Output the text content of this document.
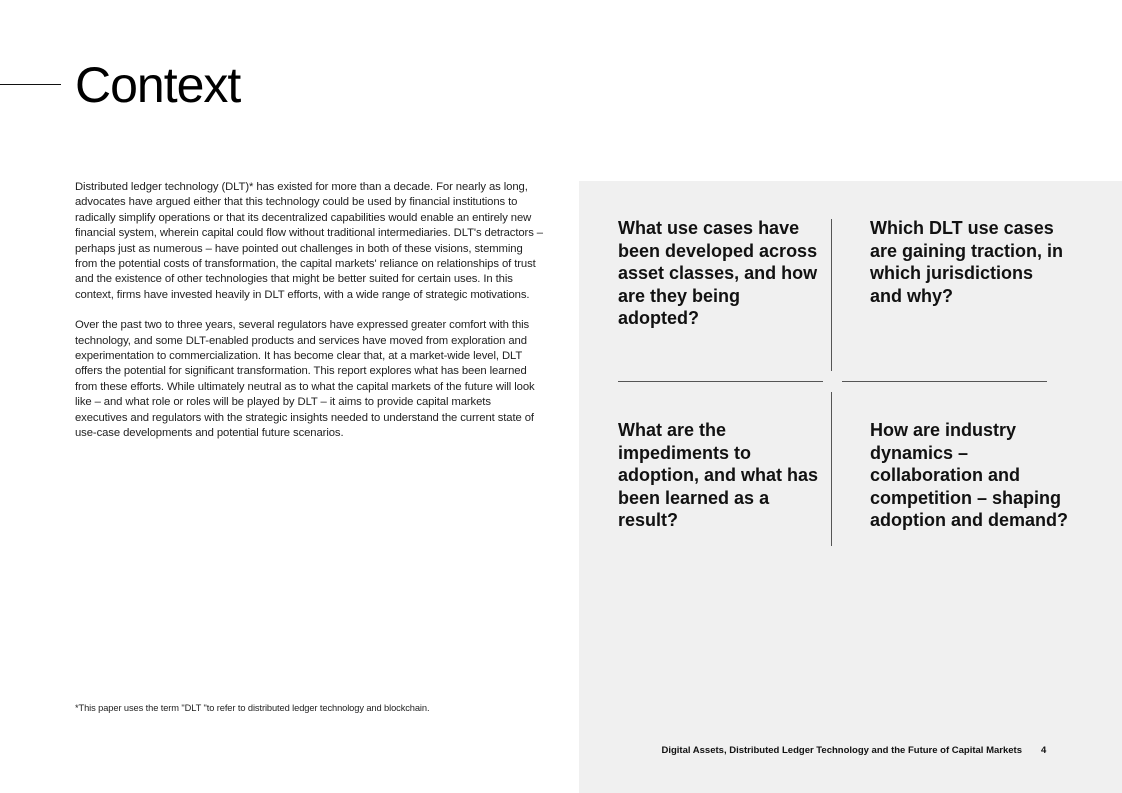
Context

Distributed ledger technology (DLT)* has existed for more than a decade. For nearly as long, advocates have argued either that this technology could be used by financial institutions to radically simplify operations or that its decentralized capabilities would enable an entirely new financial system, wherein capital could flow without traditional intermediaries. DLT's detractors – perhaps just as numerous – have pointed out challenges in both of these visions, stemming from the potential costs of transformation, the capital markets' reliance on relationships of trust and the existence of other technologies that might be better suited for certain uses. In this context, firms have invested heavily in DLT efforts, with a wide range of strategic motivations.

Over the past two to three years, several regulators have expressed greater comfort with this technology, and some DLT-enabled products and services have moved from exploration and experimentation to commercialization. It has become clear that, at a market-wide level, DLT offers the potential for significant transformation. This report explores what has been learned from these efforts. While ultimately neutral as to what the capital markets of the future will look like – and what role or roles will be played by DLT – it aims to provide capital markets executives and regulators with the strategic insights needed to understand the current state of use-case developments and potential future scenarios.

*This paper uses the term "DLT "to refer to distributed ledger technology and blockchain.
What use cases have been developed across asset classes, and how are they being adopted?
Which DLT use cases are gaining traction, in which jurisdictions and why?
What are the impediments to adoption, and what has been learned as a result?
How are industry dynamics – collaboration and competition – shaping adoption and demand?
Digital Assets, Distributed Ledger Technology and the Future of Capital Markets 4
